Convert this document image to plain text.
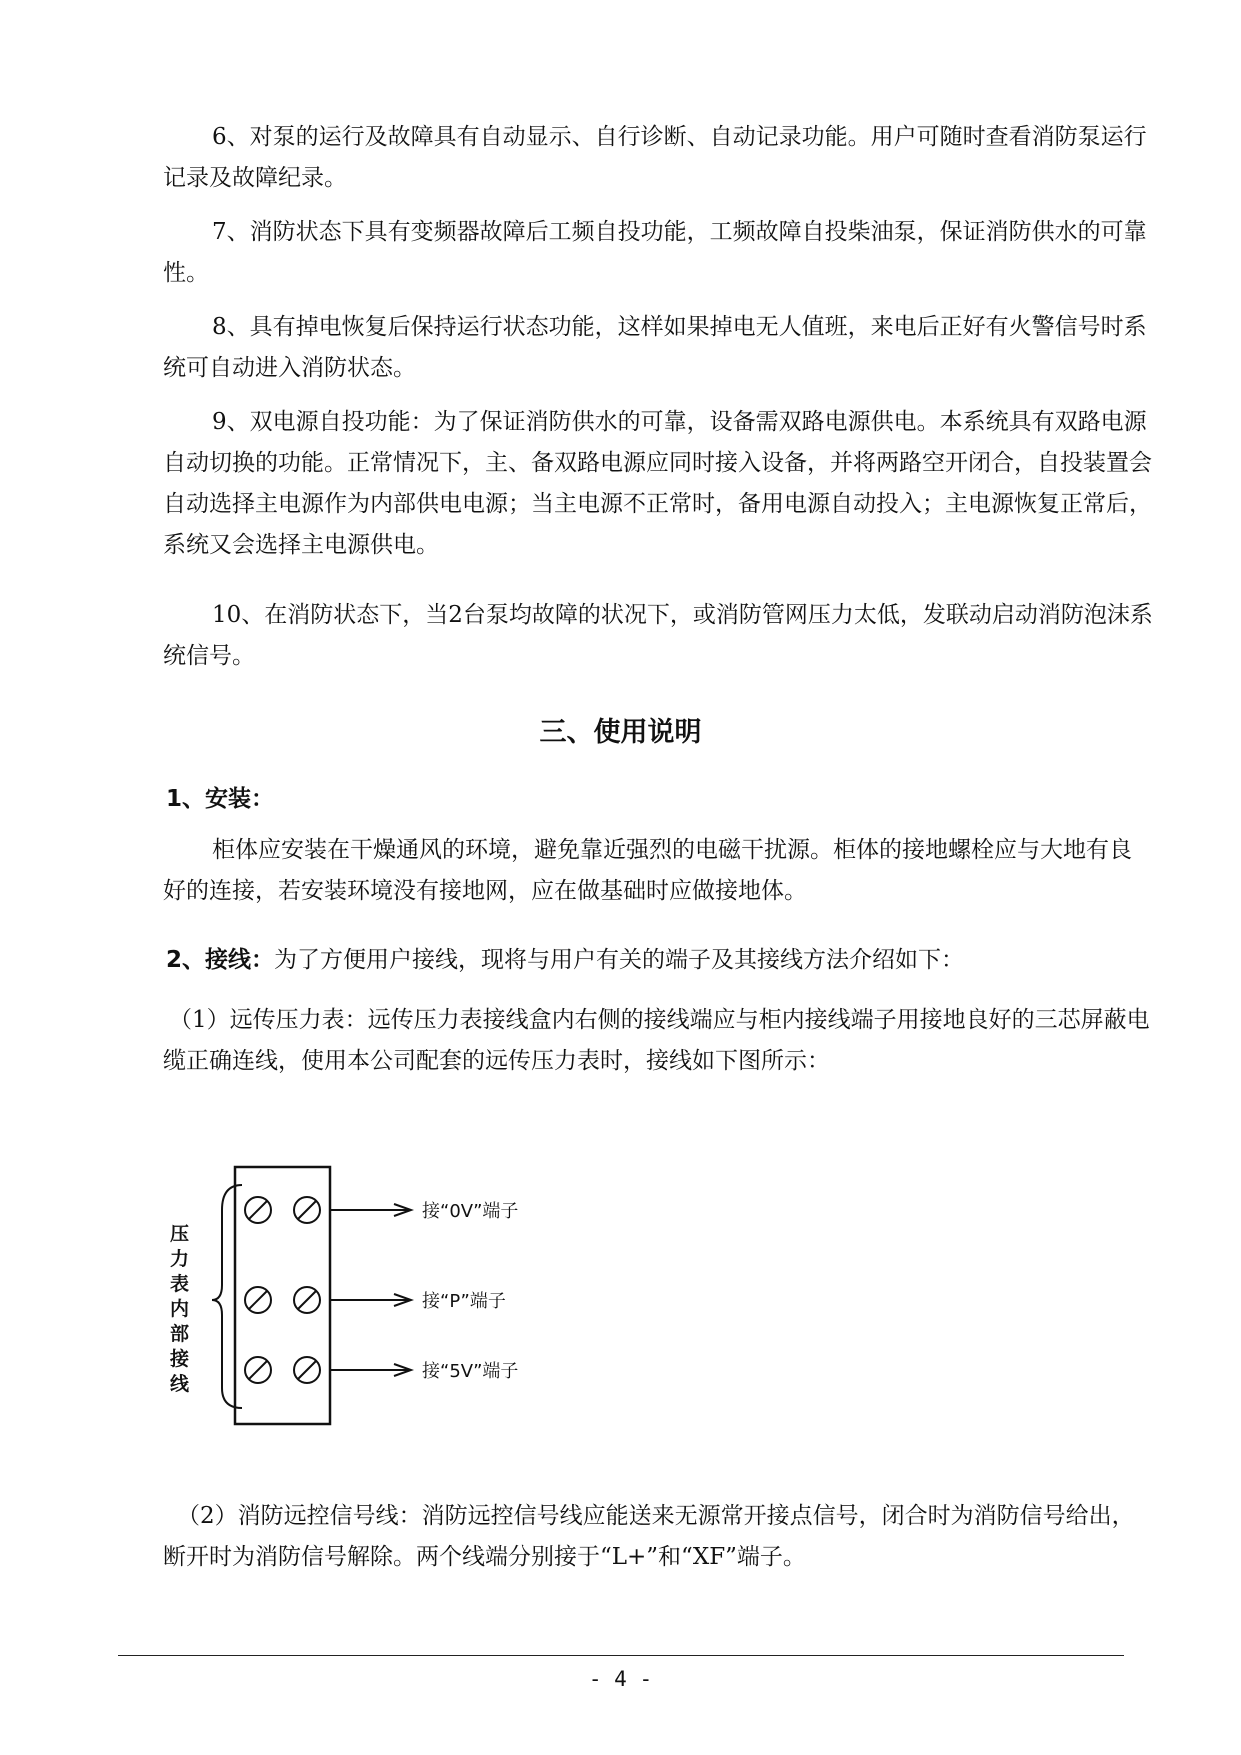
6、对泵的运行及故障具有自动显示、自行诊断、自动记录功能。用户可随时查看消防泵运行记录及故障纪录。

7、消防状态下具有变频器故障后工频自投功能，工频故障自投柴油泵，保证消防供水的可靠性。

8、具有掉电恢复后保持运行状态功能，这样如果掉电无人值班，来电后正好有火警信号时系统可自动进入消防状态。

9、双电源自投功能：为了保证消防供水的可靠，设备需双路电源供电。本系统具有双路电源自动切换的功能。正常情况下，主、备双路电源应同时接入设备，并将两路空开闭合，自投装置会自动选择主电源作为内部供电电源；当主电源不正常时，备用电源自动投入；主电源恢复正常后，系统又会选择主电源供电。

10、在消防状态下，当2台泵均故障的状况下，或消防管网压力太低，发联动启动消防泡沫系统信号。

三、使用说明
1、安装：

柜体应安装在干燥通风的环境，避免靠近强烈的电磁干扰源。柜体的接地螺栓应与大地有良好的连接，若安装环境没有接地网，应在做基础时应做接地体。

2、接线：为了方便用户接线，现将与用户有关的端子及其接线方法介绍如下：

（1）远传压力表：远传压力表接线盒内右侧的接线端应与柜内接线端子用接地良好的三芯屏蔽电缆正确连线，使用本公司配套的远传压力表时，接线如下图所示：

接“0V”端子
接“P”端子
接“5V”端子
压
力
表
内
部
接
线

（2）消防远控信号线：消防远控信号线应能送来无源常开接点信号，闭合时为消防信号给出，断开时为消防信号解除。两个线端分别接于“L+”和“XF”端子。

- 4 -
